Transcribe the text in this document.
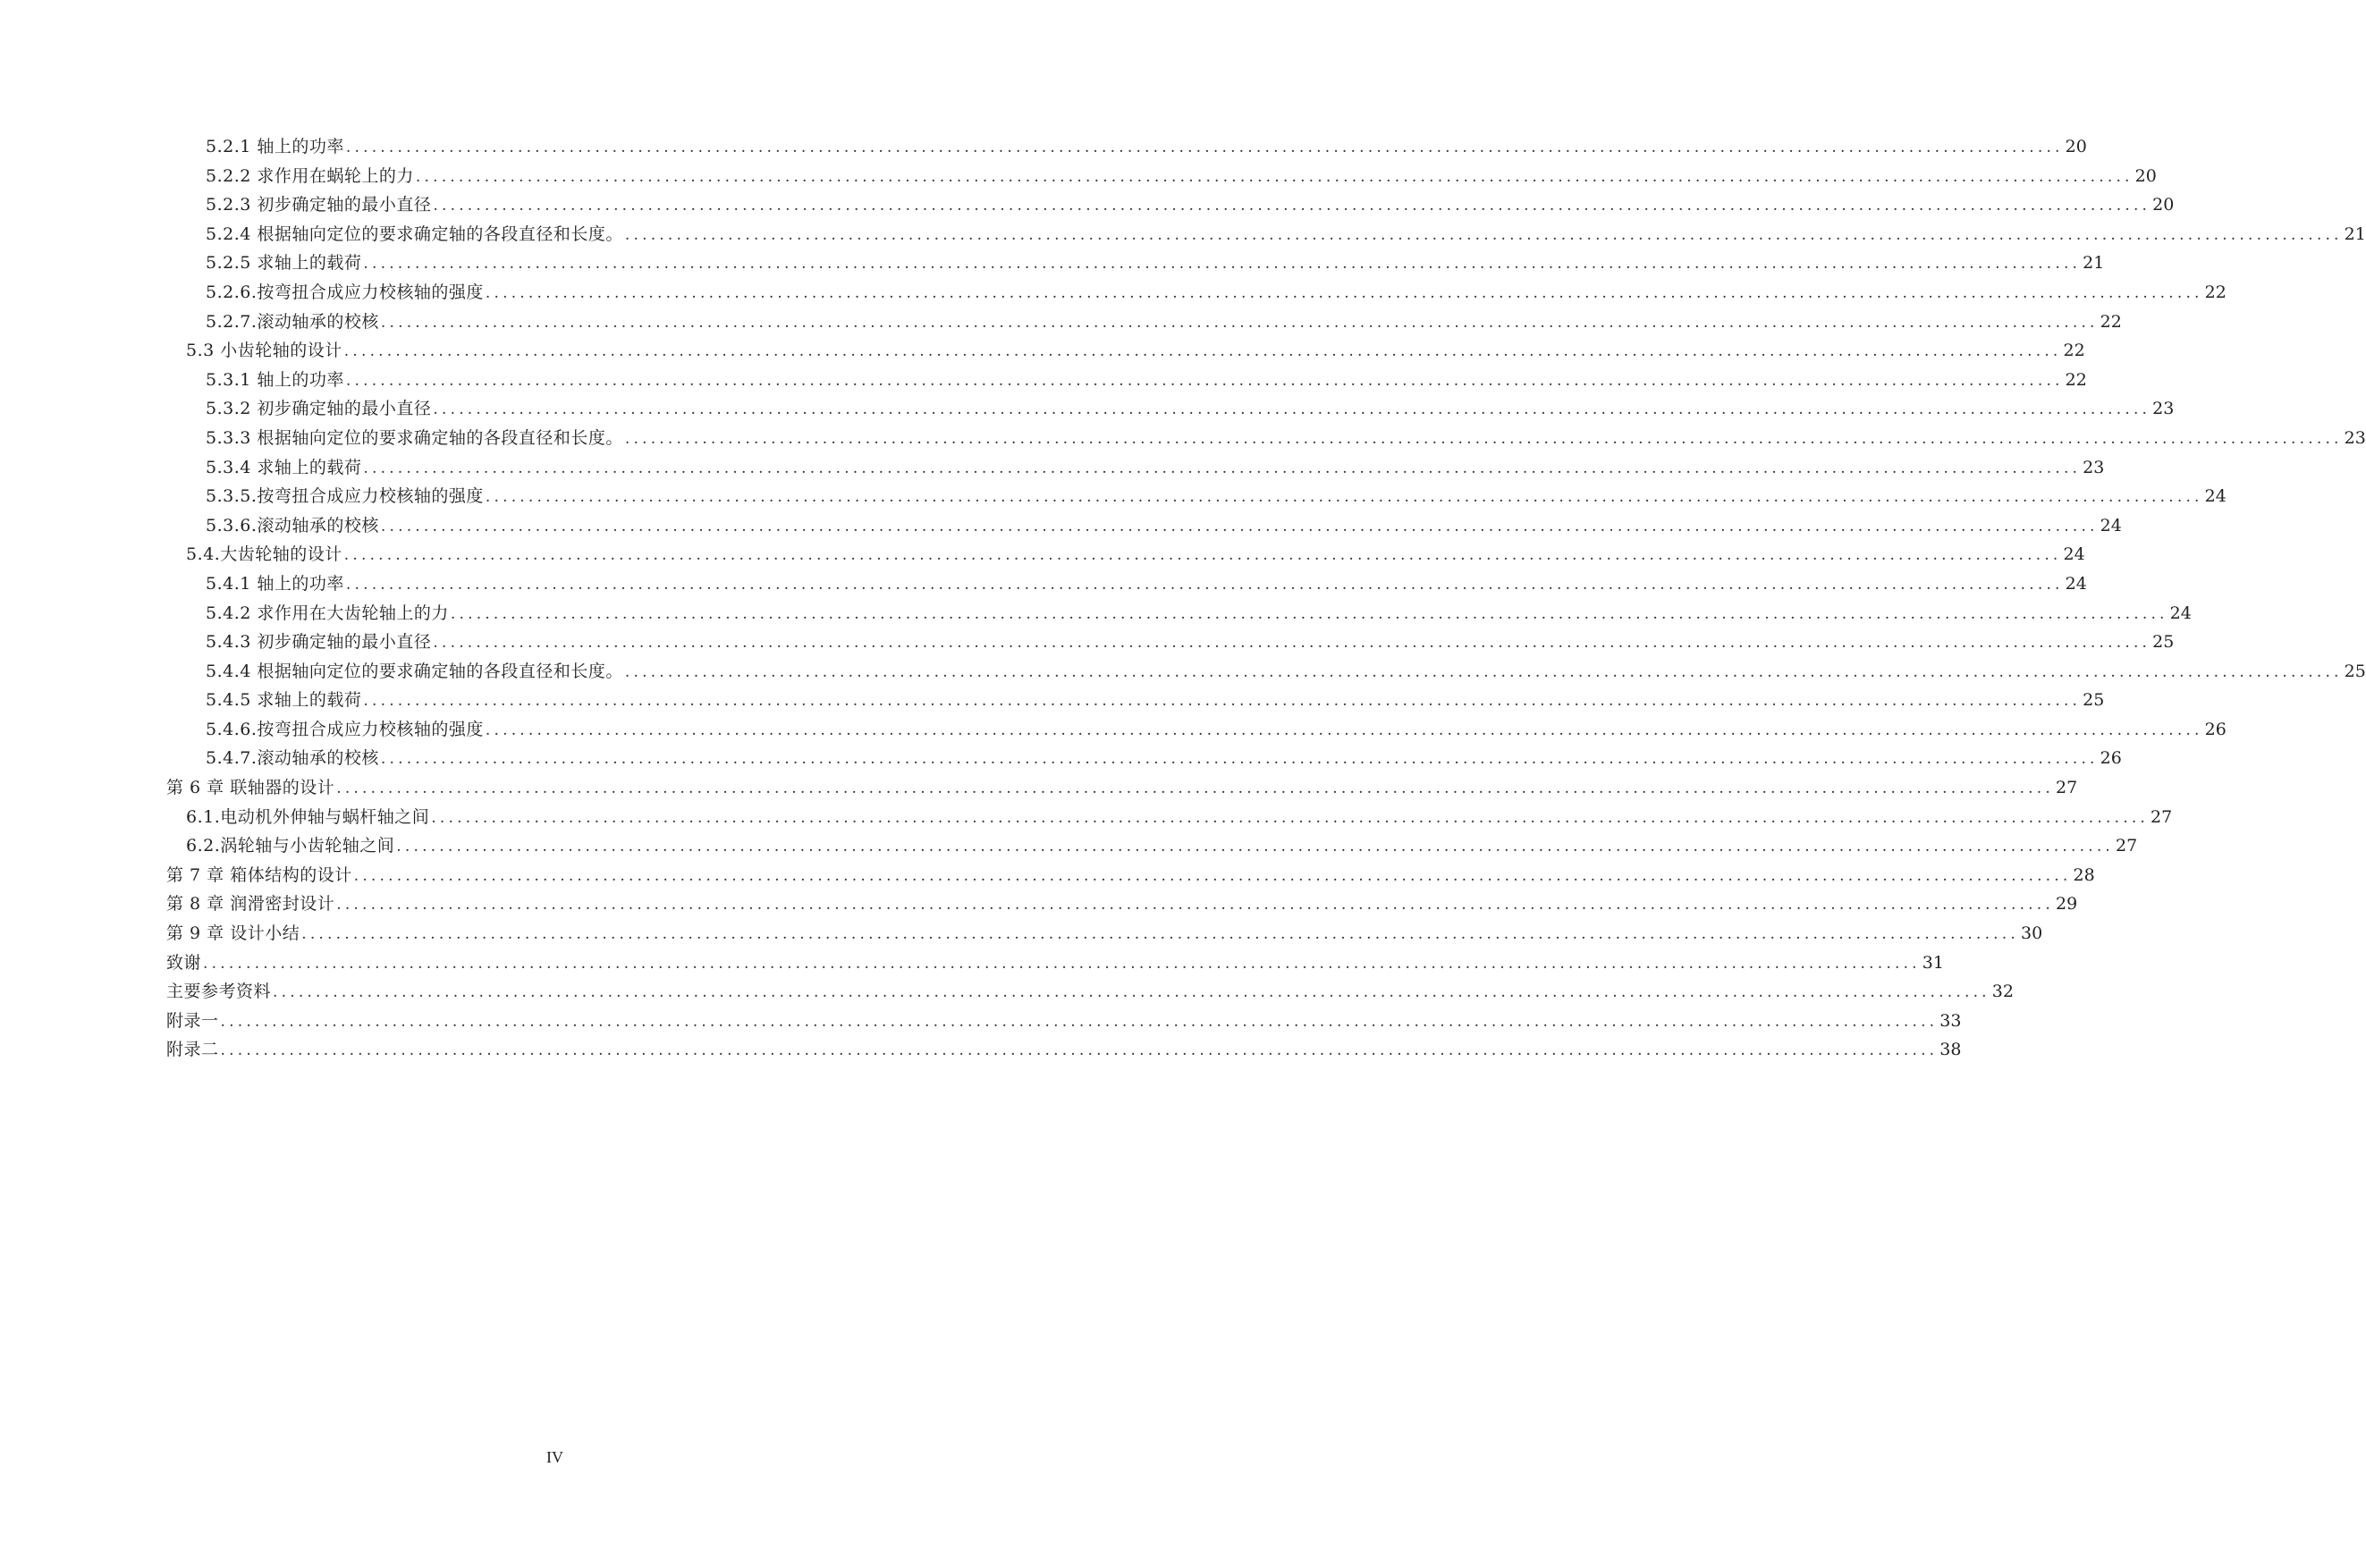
5.2.1 轴上的功率 ........................................................................................................................................................................................................ 20
5.2.2 求作用在蜗轮上的力 ........................................................................................................................................................................................................ 20
5.2.3 初步确定轴的最小直径 ........................................................................................................................................................................................................ 20
5.2.4 根据轴向定位的要求确定轴的各段直径和长度。 ........................................................................................................................................................................................................ 21
5.2.5 求轴上的载荷 ........................................................................................................................................................................................................ 21
5.2.6.按弯扭合成应力校核轴的强度 ........................................................................................................................................................................................................ 22
5.2.7.滚动轴承的校核 ........................................................................................................................................................................................................ 22
5.3 小齿轮轴的设计 ........................................................................................................................................................................................................ 22
5.3.1 轴上的功率 ........................................................................................................................................................................................................ 22
5.3.2 初步确定轴的最小直径 ........................................................................................................................................................................................................ 23
5.3.3 根据轴向定位的要求确定轴的各段直径和长度。 ........................................................................................................................................................................................................ 23
5.3.4 求轴上的载荷 ........................................................................................................................................................................................................ 23
5.3.5.按弯扭合成应力校核轴的强度 ........................................................................................................................................................................................................ 24
5.3.6.滚动轴承的校核 ........................................................................................................................................................................................................ 24
5.4.大齿轮轴的设计 ........................................................................................................................................................................................................ 24
5.4.1 轴上的功率 ........................................................................................................................................................................................................ 24
5.4.2 求作用在大齿轮轴上的力 ........................................................................................................................................................................................................ 24
5.4.3 初步确定轴的最小直径 ........................................................................................................................................................................................................ 25
5.4.4 根据轴向定位的要求确定轴的各段直径和长度。 ........................................................................................................................................................................................................ 25
5.4.5 求轴上的载荷 ........................................................................................................................................................................................................ 25
5.4.6.按弯扭合成应力校核轴的强度 ........................................................................................................................................................................................................ 26
5.4.7.滚动轴承的校核 ........................................................................................................................................................................................................ 26
第 6 章 联轴器的设计 ........................................................................................................................................................................................................ 27
6.1.电动机外伸轴与蜗杆轴之间 ........................................................................................................................................................................................................ 27
6.2.涡轮轴与小齿轮轴之间 ........................................................................................................................................................................................................ 27
第 7 章 箱体结构的设计 ........................................................................................................................................................................................................ 28
第 8 章 润滑密封设计 ........................................................................................................................................................................................................ 29
第 9 章 设计小结 ........................................................................................................................................................................................................ 30
致谢 ........................................................................................................................................................................................................ 31
主要参考资料 ........................................................................................................................................................................................................ 32
附录一 ........................................................................................................................................................................................................ 33
附录二 ........................................................................................................................................................................................................ 38
IV
